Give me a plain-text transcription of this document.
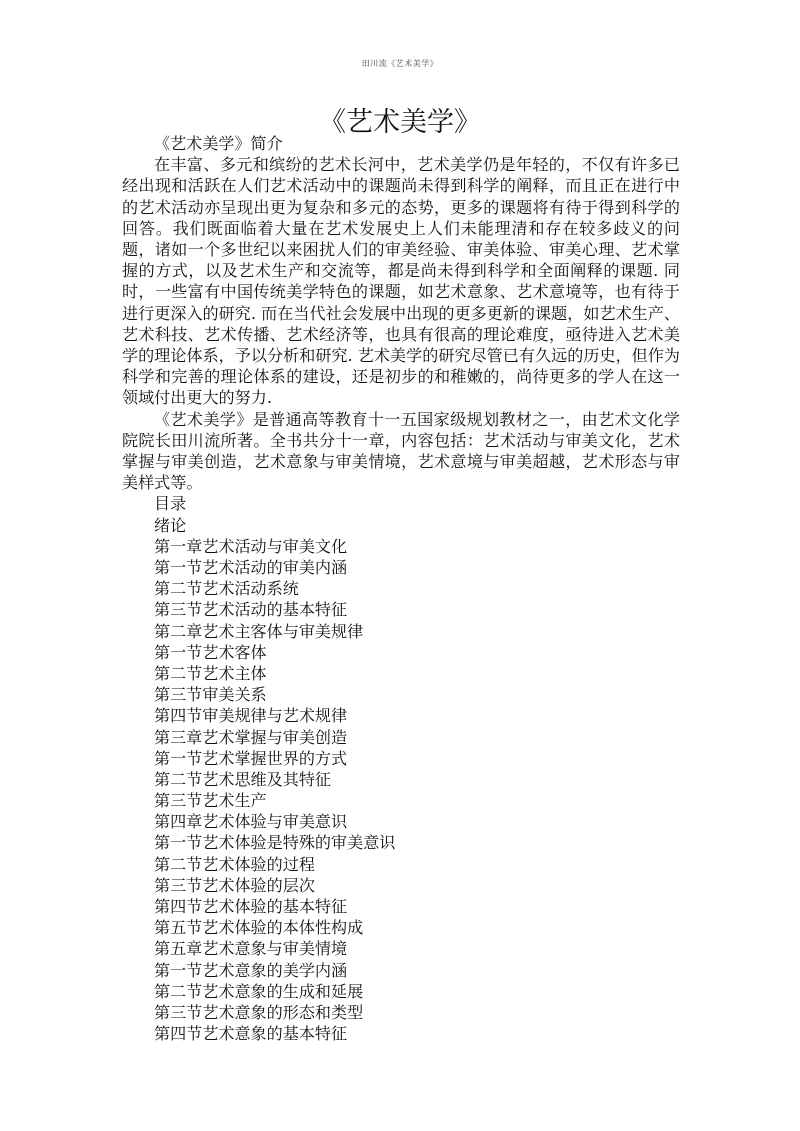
田川流《艺术美学》
《艺术美学》

《艺术美学》简介

在丰富、多元和缤纷的艺术长河中，艺术美学仍是年轻的，不仅有许多已经出现和活跃在人们艺术活动中的课题尚未得到科学的阐释，而且正在进行中的艺术活动亦呈现出更为复杂和多元的态势，更多的课题将有待于得到科学的回答。我们既面临着大量在艺术发展史上人们未能理清和存在较多歧义的问题，诸如一个多世纪以来困扰人们的审美经验、审美体验、审美心理、艺术掌握的方式，以及艺术生产和交流等，都是尚未得到科学和全面阐释的课题. 同时，一些富有中国传统美学特色的课题，如艺术意象、艺术意境等，也有待于进行更深入的研究. 而在当代社会发展中出现的更多更新的课题，如艺术生产、艺术科技、艺术传播、艺术经济等，也具有很高的理论难度，亟待进入艺术美学的理论体系，予以分析和研究. 艺术美学的研究尽管已有久远的历史，但作为科学和完善的理论体系的建设，还是初步的和稚嫩的，尚待更多的学人在这一领域付出更大的努力.

《艺术美学》是普通高等教育十一五国家级规划教材之一，由艺术文化学院院长田川流所著。全书共分十一章，内容包括：艺术活动与审美文化，艺术掌握与审美创造，艺术意象与审美情境，艺术意境与审美超越，艺术形态与审美样式等。

目录
绪论
第一章艺术活动与审美文化
第一节艺术活动的审美内涵
第二节艺术活动系统
第三节艺术活动的基本特征
第二章艺术主客体与审美规律
第一节艺术客体
第二节艺术主体
第三节审美关系
第四节审美规律与艺术规律
第三章艺术掌握与审美创造
第一节艺术掌握世界的方式
第二节艺术思维及其特征
第三节艺术生产
第四章艺术体验与审美意识
第一节艺术体验是特殊的审美意识
第二节艺术体验的过程
第三节艺术体验的层次
第四节艺术体验的基本特征
第五节艺术体验的本体性构成
第五章艺术意象与审美情境
第一节艺术意象的美学内涵
第二节艺术意象的生成和延展
第三节艺术意象的形态和类型
第四节艺术意象的基本特征
